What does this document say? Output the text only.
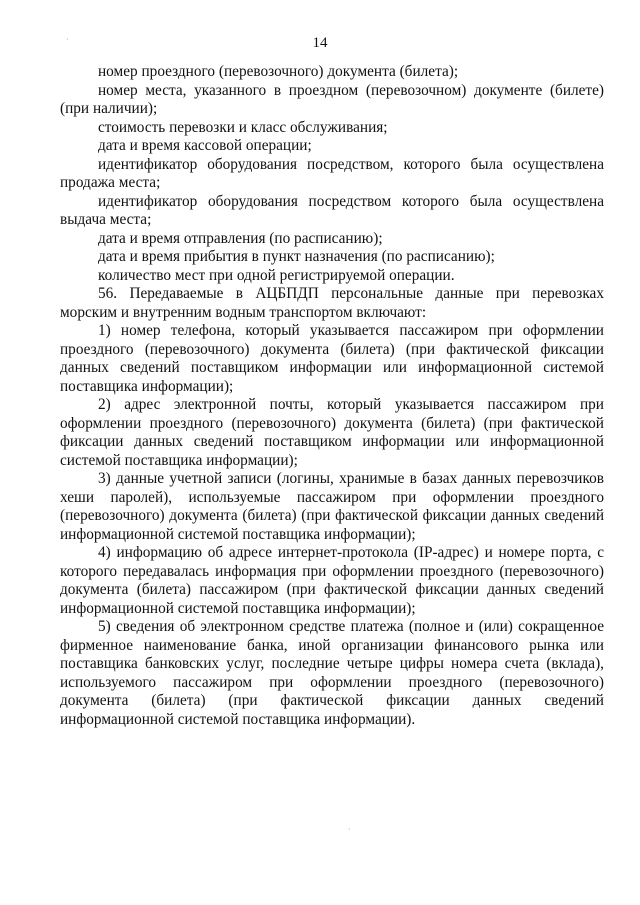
14

номер проездного (перевозочного) документа (билета);

номер места, указанного в проездном (перевозочном) документе (билете) (при наличии);

стоимость перевозки и класс обслуживания;

дата и время кассовой операции;

идентификатор оборудования посредством, которого была осуществлена продажа места;

идентификатор оборудования посредством которого была осуществлена выдача места;

дата и время отправления (по расписанию);

дата и время прибытия в пункт назначения (по расписанию);

количество мест при одной регистрируемой операции.

56. Передаваемые в АЦБПДП персональные данные при перевозках морским и внутренним водным транспортом включают:

1) номер телефона, который указывается пассажиром при оформлении проездного (перевозочного) документа (билета) (при фактической фиксации данных сведений поставщиком информации или информационной системой поставщика информации);

2) адрес электронной почты, который указывается пассажиром при оформлении проездного (перевозочного) документа (билета) (при фактической фиксации данных сведений поставщиком информации или информационной системой поставщика информации);

3) данные учетной записи (логины, хранимые в базах данных перевозчиков хеши паролей), используемые пассажиром при оформлении проездного (перевозочного) документа (билета) (при фактической фиксации данных сведений информационной системой поставщика информации);

4) информацию об адресе интернет-протокола (IP-адрес) и номере порта, с которого передавалась информация при оформлении проездного (перевозочного) документа (билета) пассажиром (при фактической фиксации данных сведений информационной системой поставщика информации);

5) сведения об электронном средстве платежа (полное и (или) сокращенное фирменное наименование банка, иной организации финансового рынка или поставщика банковских услуг, последние четыре цифры номера счета (вклада), используемого пассажиром при оформлении проездного (перевозочного) документа (билета) (при фактической фиксации данных сведений информационной системой поставщика информации).

·
·
